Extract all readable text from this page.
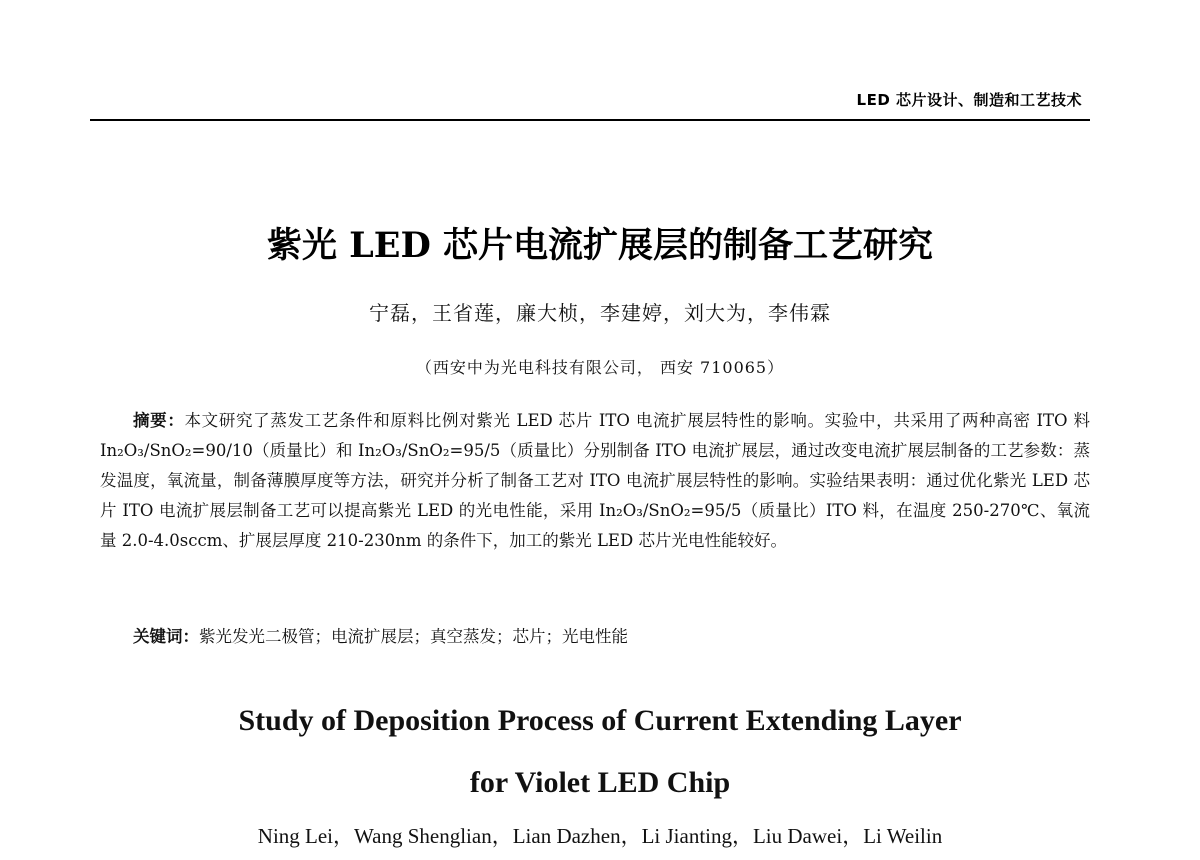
LED 芯片设计、制造和工艺技术
紫光 LED 芯片电流扩展层的制备工艺研究
宁磊，王省莲，廉大桢，李建婷，刘大为，李伟霖
（西安中为光电科技有限公司， 西安 710065）
摘要：本文研究了蒸发工艺条件和原料比例对紫光 LED 芯片 ITO 电流扩展层特性的影响。实验中，共采用了两种高密 ITO 料 In₂O₃/SnO₂=90/10（质量比）和 In₂O₃/SnO₂=95/5（质量比）分别制备 ITO 电流扩展层，通过改变电流扩展层制备的工艺参数：蒸发温度，氧流量，制备薄膜厚度等方法，研究并分析了制备工艺对 ITO 电流扩展层特性的影响。实验结果表明：通过优化紫光 LED 芯片 ITO 电流扩展层制备工艺可以提高紫光 LED 的光电性能，采用 In₂O₃/SnO₂=95/5（质量比）ITO 料，在温度 250-270℃、氧流量 2.0-4.0sccm、扩展层厚度 210-230nm 的条件下，加工的紫光 LED 芯片光电性能较好。
关键词：紫光发光二极管；电流扩展层；真空蒸发；芯片；光电性能
Study of Deposition Process of Current Extending Layer
for Violet LED Chip
Ning Lei，Wang Shenglian，Lian Dazhen，Li Jianting，Liu Dawei，Li Weilin
